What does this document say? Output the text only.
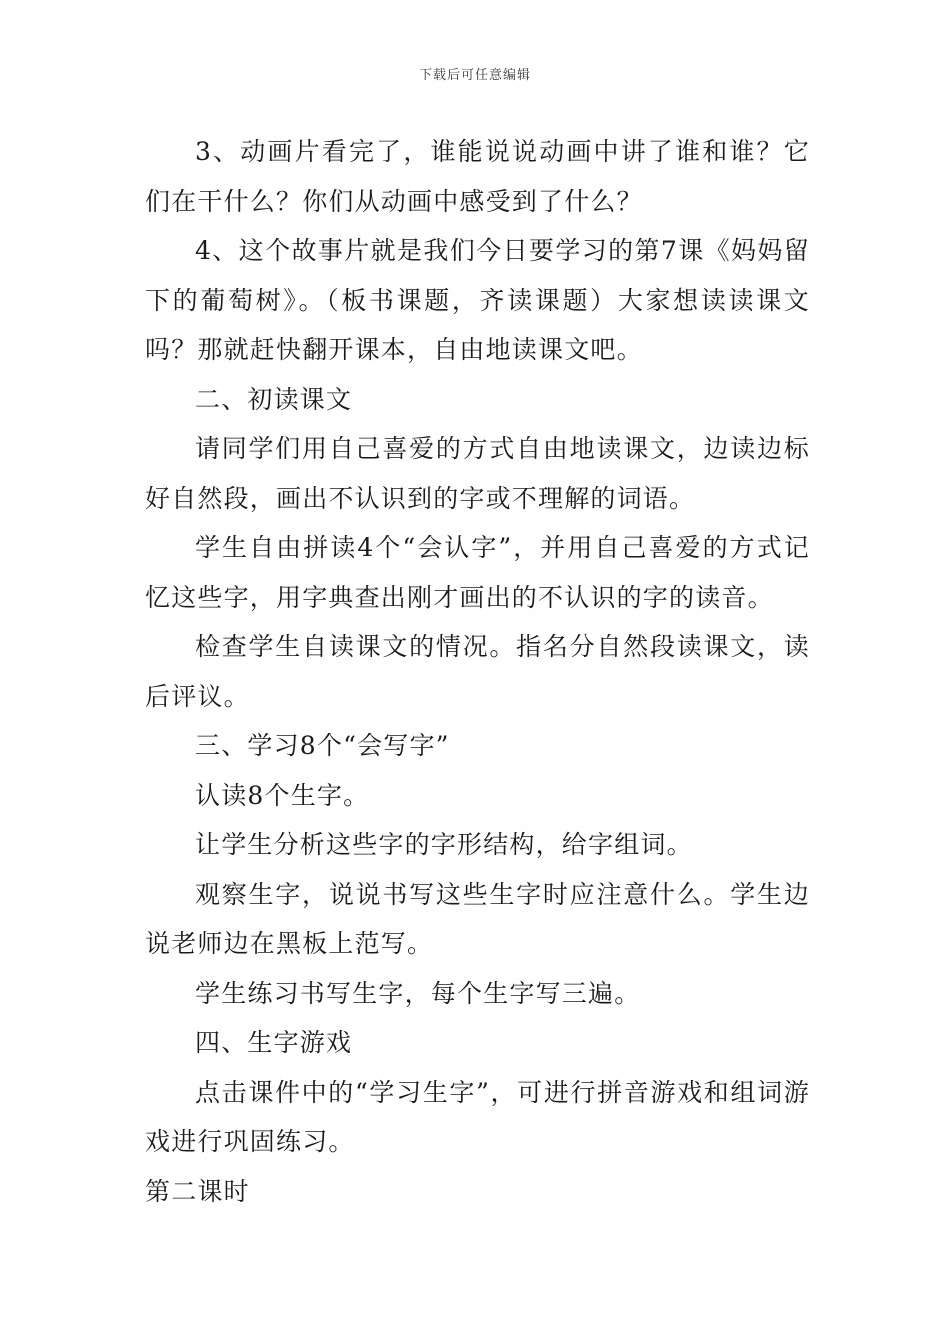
下载后可任意编辑

3、动画片看完了，谁能说说动画中讲了谁和谁？它们在干什么？你们从动画中感受到了什么？

4、这个故事片就是我们今日要学习的第7课《妈妈留下的葡萄树》。（板书课题，齐读课题）大家想读读课文吗？那就赶快翻开课本，自由地读课文吧。

二、初读课文

请同学们用自己喜爱的方式自由地读课文，边读边标好自然段，画出不认识到的字或不理解的词语。

学生自由拼读4个“会认字”，并用自己喜爱的方式记忆这些字，用字典查出刚才画出的不认识的字的读音。

检查学生自读课文的情况。指名分自然段读课文，读后评议。

三、学习8个“会写字”

认读8个生字。

让学生分析这些字的字形结构，给字组词。

观察生字，说说书写这些生字时应注意什么。学生边说老师边在黑板上范写。

学生练习书写生字，每个生字写三遍。

四、生字游戏

点击课件中的“学习生字”，可进行拼音游戏和组词游戏进行巩固练习。

第二课时
